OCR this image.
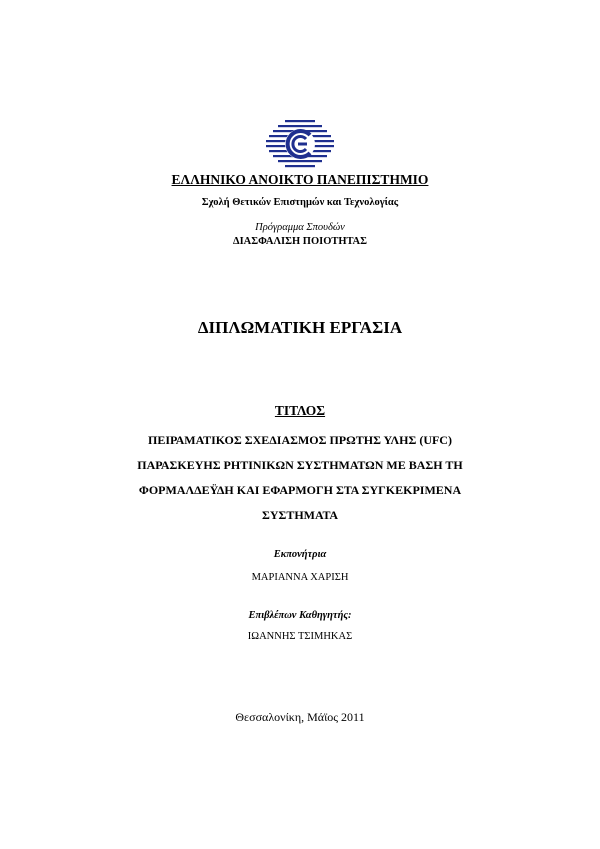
ΕΛΛΗΝΙΚΟ ΑΝΟΙΚΤΟ ΠΑΝΕΠΙΣΤΗΜΙΟ

Σχολή Θετικών Επιστημών και Τεχνολογίας

Πρόγραμμα Σπουδών

ΔΙΑΣΦΑΛΙΣΗ ΠΟΙΟΤΗΤΑΣ

ΔΙΠΛΩΜΑΤΙΚΗ ΕΡΓΑΣΙΑ

ΤΙΤΛΟΣ

ΠΕΙΡΑΜΑΤΙΚΟΣ ΣΧΕΔΙΑΣΜΟΣ ΠΡΩΤΗΣ ΥΛΗΣ (UFC)
ΠΑΡΑΣΚΕΥΗΣ ΡΗΤΙΝΙΚΩΝ ΣΥΣΤΗΜΑΤΩΝ ΜΕ ΒΑΣΗ ΤΗ
ΦΟΡΜΑΛΔΕΫΔΗ ΚΑΙ ΕΦΑΡΜΟΓΗ ΣΤΑ ΣΥΓΚΕΚΡΙΜΕΝΑ
ΣΥΣΤΗΜΑΤΑ

Εκπονήτρια

ΜΑΡΙΑΝΝΑ ΧΑΡΙΣΗ

Επιβλέπων Καθηγητής:

ΙΩΑΝΝΗΣ ΤΣΙΜΗΚΑΣ

Θεσσαλονίκη, Μάϊος 2011
